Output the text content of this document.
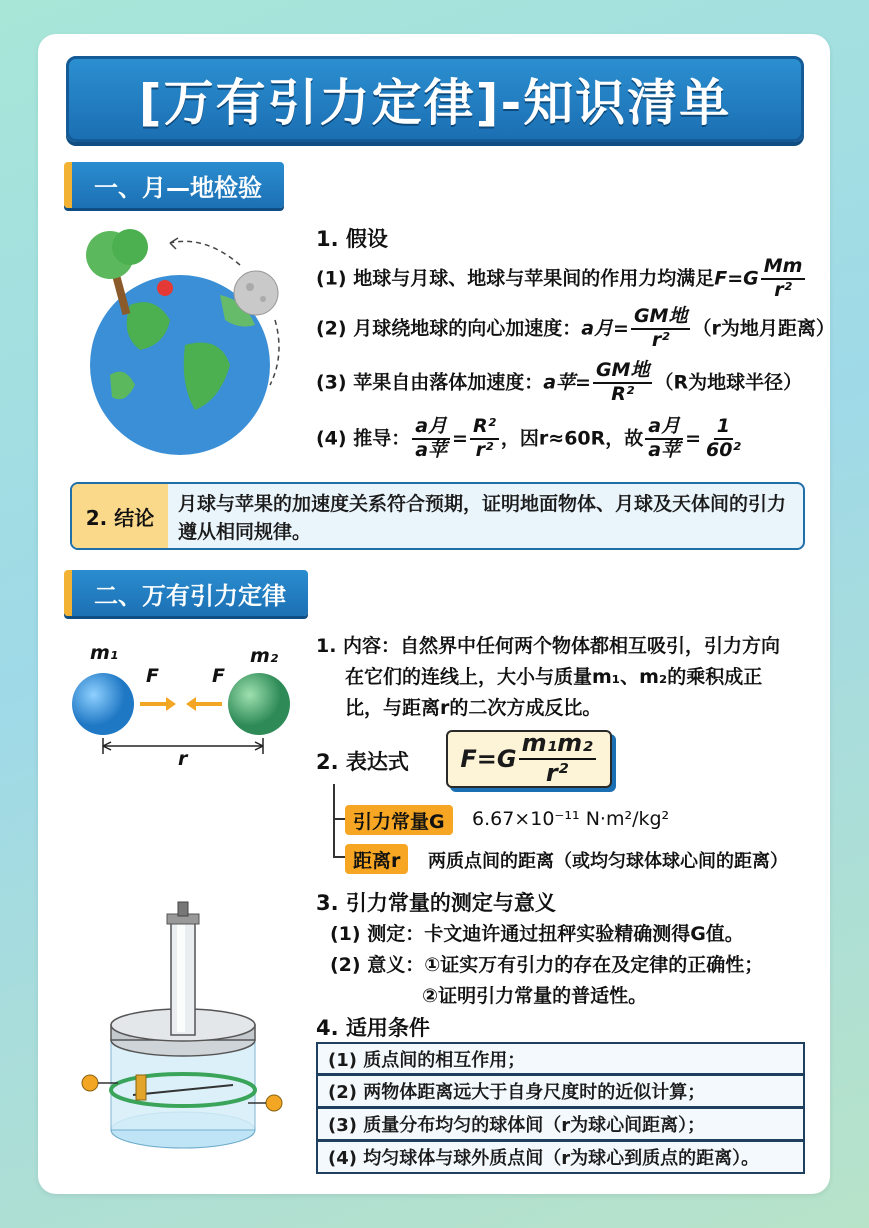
[万有引力定律]-知识清单
一、月—地检验
1. 假设
(1) 地球与月球、地球与苹果间的作用力均满足$F=G \frac{Mm}{\text{r²}}$
(2) 月球绕地球的向心加速度：a月= $\frac{\text{GM地}}{\text{r²}} (r$为地月距离）
(3) 苹果自由落体加速度：a苹= $\frac{\text{GM地}}{\text{R²}} (R$为地球半径）
(4) 推导： $\frac{\text{a月}}{\text{a苹}} = \frac{\text{R²}}{\text{r²}}$ ，因r≈60R，故 $\frac{\text{a月}}{\text{a苹}} = \frac{1}{\text{60²}}$
2. 结论
月球与苹果的加速度关系符合预期，证明地面物体、月球及天体间的引力遵从相同规律。
二、万有引力定律
m₁	m₂
F	F
r
1. 内容：自然界中任何两个物体都相互吸引，引力方向
在它们的连线上，大小与质量m₁、m₂的乘积成正
比，与距离r的二次方成反比。
2. 表达式 $F=G \frac{\text{m₁m₂}}{\text{r²}}$
引力常量G	6.67×10⁻¹¹ N·m²/kg²
距离r	两质点间的距离（或均匀球体球心间的距离）
3. 引力常量的测定与意义
(1) 测定：卡文迪许通过扭秤实验精确测得G值。
(2) 意义：①证实万有引力的存在及定律的正确性；
②证明引力常量的普适性。
4. 适用条件
(1) 质点间的相互作用；
(2) 两物体距离远大于自身尺度时的近似计算；
(3) 质量分布均匀的球体间（r为球心间距离）；
(4) 均匀球体与球外质点间（r为球心到质点的距离）。
